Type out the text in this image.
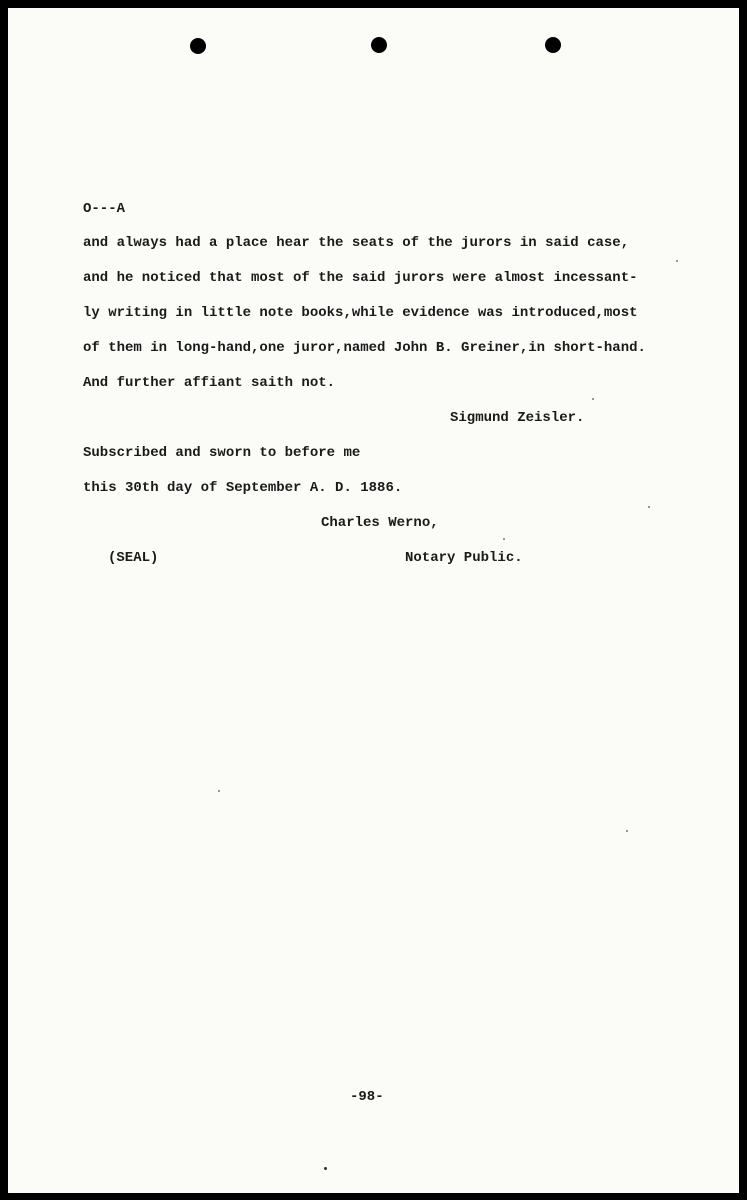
O---A
and always had a place hear the seats of the jurors in said case,
and he noticed that most of the said jurors were almost incessant-
ly writing in little note books,while evidence was introduced,most
of them in long-hand,one juror,named John B. Greiner,in short-hand.
And further affiant saith not.
Sigmund Zeisler.
Subscribed and sworn to before me
this 30th day of September A. D. 1886.
Charles Werno,
(SEAL)	Notary Public.
-98-
